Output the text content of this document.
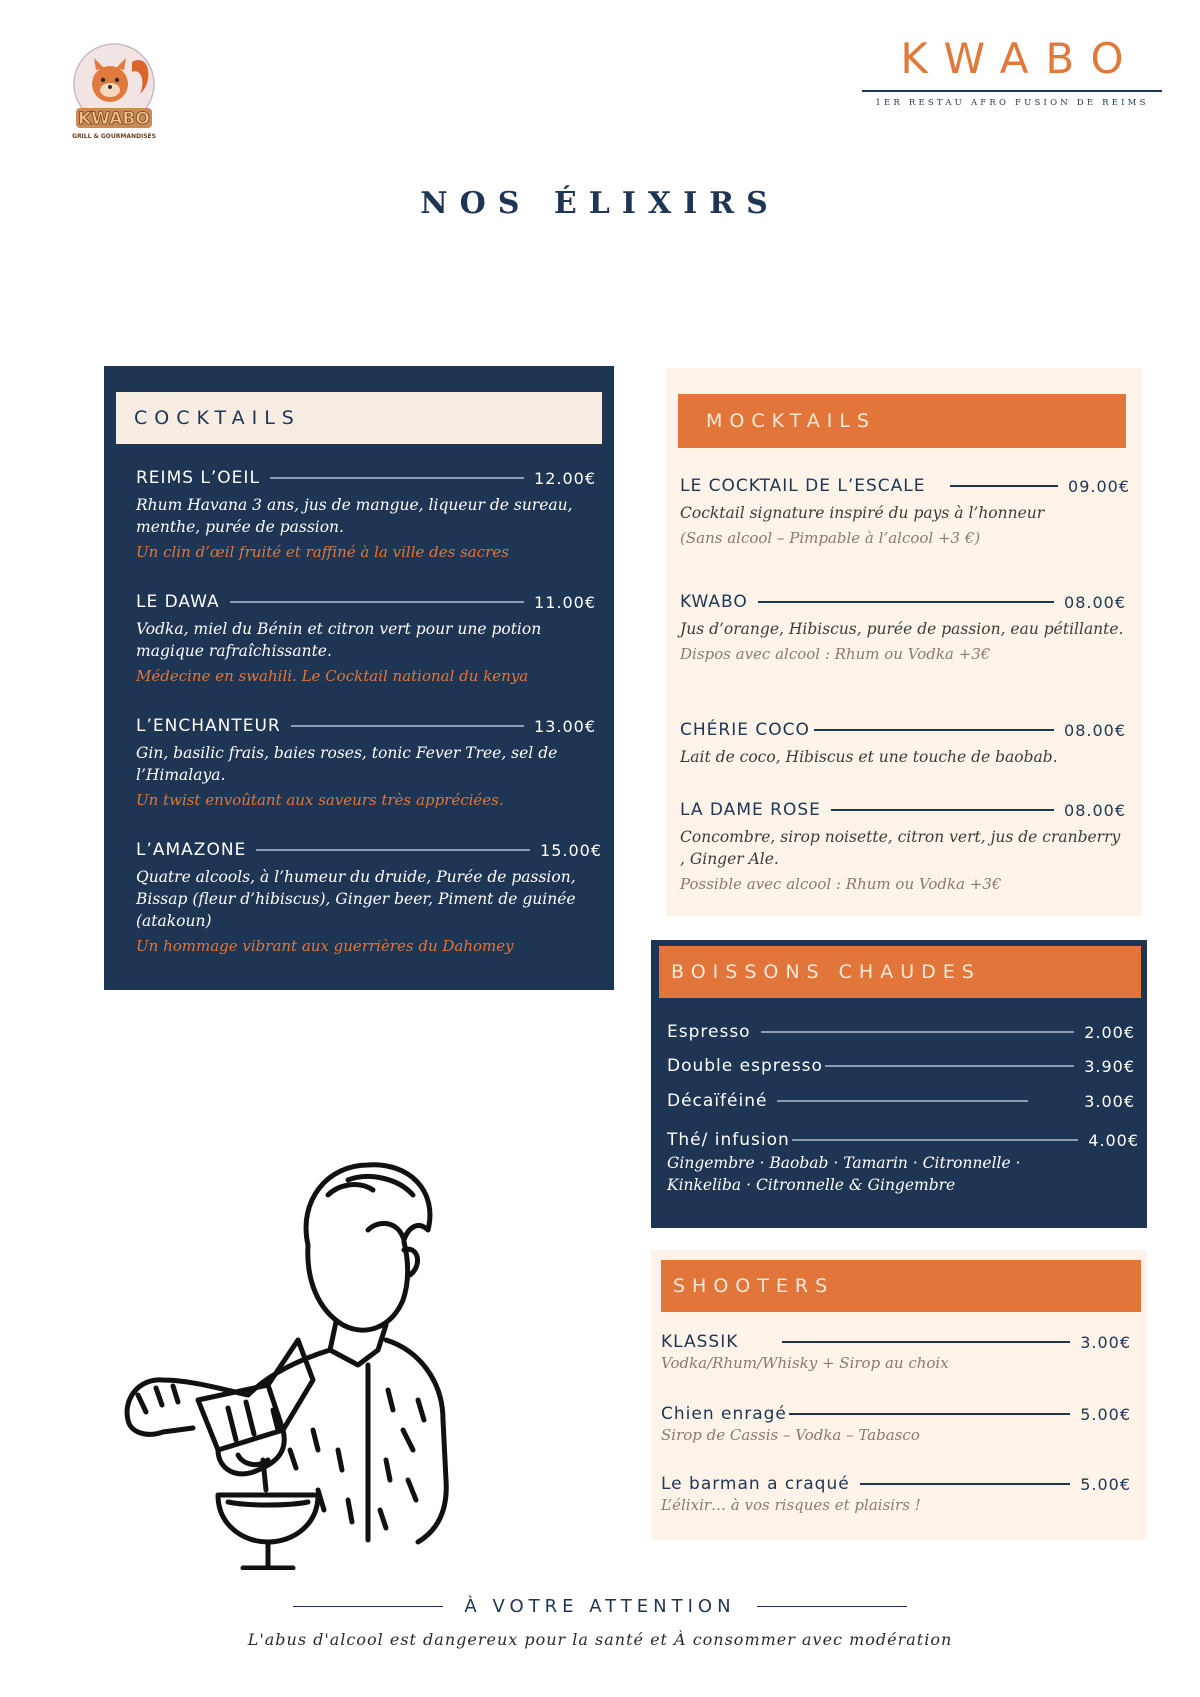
KWABO
GRILL & GOURMANDISES
KWABO
1ER RESTAU AFRO FUSION DE REIMS
NOS ÉLIXIRS
COCKTAILS
REIMS L’OEIL	12.00€
Rhum Havana 3 ans, jus de mangue, liqueur de sureau, menthe, purée de passion.
Un clin d’œil fruité et raffiné à la ville des sacres
LE DAWA	11.00€
Vodka, miel du Bénin et citron vert pour une potion magique rafraîchissante.
Médecine en swahili. Le Cocktail national du kenya
L’ENCHANTEUR	13.00€
Gin, basilic frais, baies roses, tonic Fever Tree, sel de l’Himalaya.
Un twist envoûtant aux saveurs très appréciées.
L’AMAZONE	15.00€
Quatre alcools, à l’humeur du druide, Purée de passion, Bissap (fleur d’hibiscus), Ginger beer, Piment de guinée (atakoun)
Un hommage vibrant aux guerrières du Dahomey
MOCKTAILS
LE COCKTAIL DE L’ESCALE	09.00€
Cocktail signature inspiré du pays à l’honneur
(Sans alcool – Pimpable à l’alcool +3 €)
KWABO	08.00€
Jus d’orange, Hibiscus, purée de passion, eau pétillante.
Dispos avec alcool : Rhum ou Vodka +3€
CHÉRIE COCO	08.00€
Lait de coco, Hibiscus et une touche de baobab.
LA DAME ROSE	08.00€
Concombre, sirop noisette, citron vert, jus de cranberry , Ginger Ale.
Possible avec alcool : Rhum ou Vodka +3€
BOISSONS CHAUDES
Espresso	2.00€
Double espresso	3.90€
Décaïféiné	3.00€
Thé/ infusion	4.00€
Gingembre · Baobab · Tamarin · Citronnelle · Kinkeliba · Citronnelle & Gingembre
SHOOTERS
KLASSIK	3.00€
Vodka/Rhum/Whisky + Sirop au choix
Chien enragé	5.00€
Sirop de Cassis – Vodka – Tabasco
Le barman a craqué	5.00€
L’élixir… à vos risques et plaisirs !
À VOTRE ATTENTION
L'abus d'alcool est dangereux pour la santé et À consommer avec modération
